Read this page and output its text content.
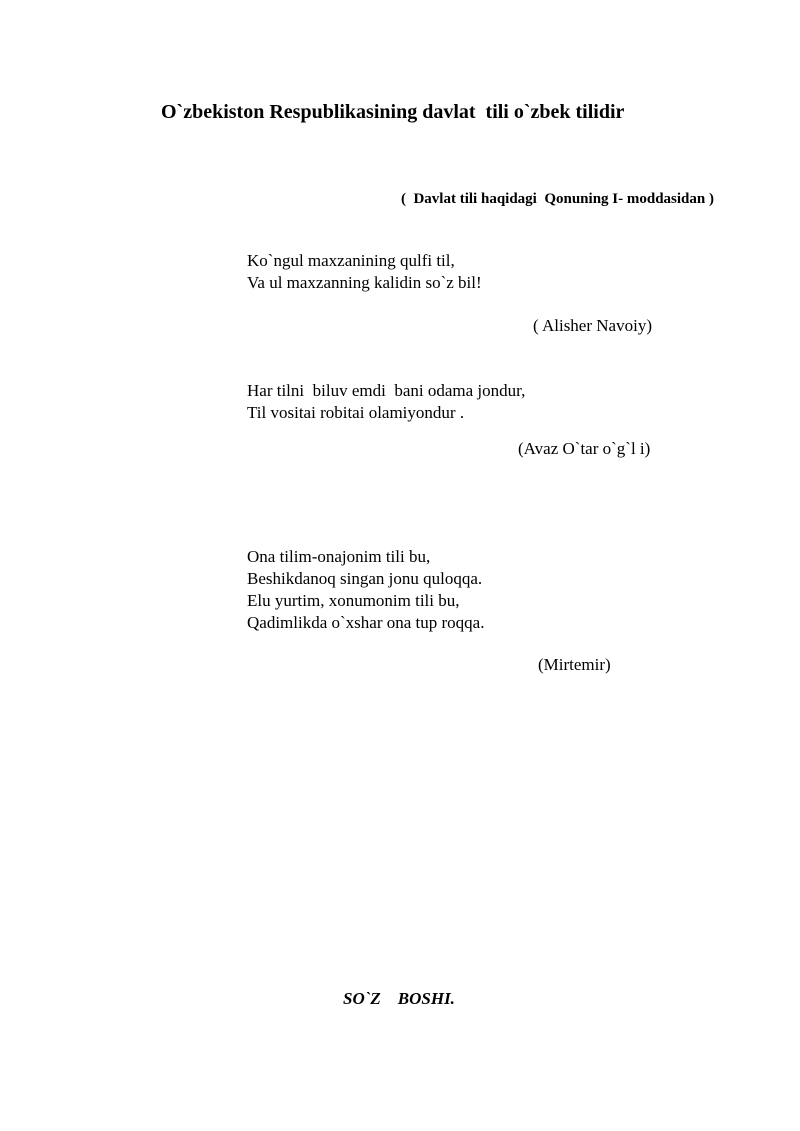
O`zbekiston Respublikasining davlat  tili o`zbek tilidir

(  Davlat tili haqidagi  Qonuning I- moddasidan )

Ko`ngul maxzanining qulfi til,
Va ul maxzanning kalidin so`z bil!

( Alisher Navoiy)

Har tilni  biluv emdi  bani odama jondur,
Til vositai robitai olamiyondur .

(Avaz O`tar o`g`l i)

Ona tilim-onajonim tili bu,
Beshikdanoq singan jonu quloqqa.
Elu yurtim, xonumonim tili bu,
Qadimlikda o`xshar ona tup roqqa.

(Mirtemir)

SO`Z    BOSHI.
